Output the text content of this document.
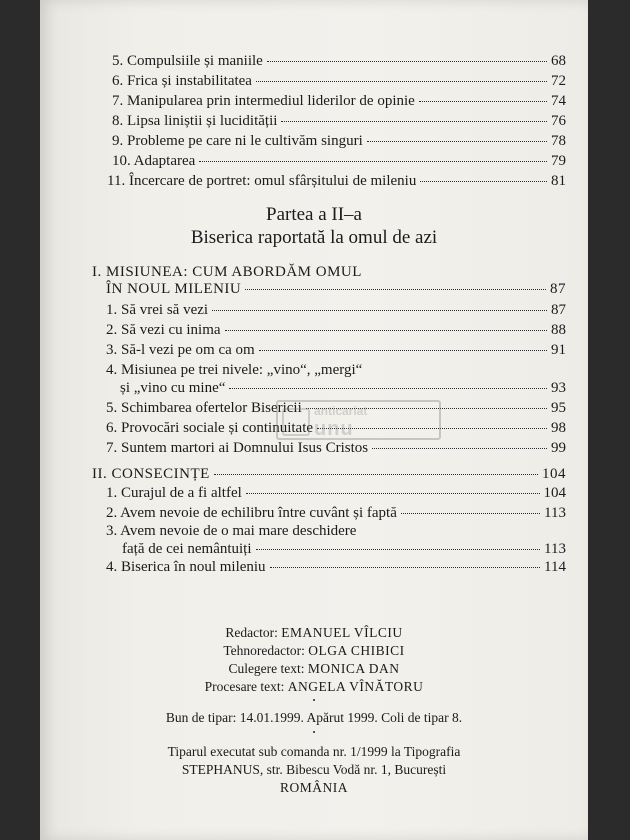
5. Compulsiile și maniile	68
6. Frica și instabilitatea	72
7. Manipularea prin intermediul liderilor de opinie	74
8. Lipsa liniștii și lucidității	76
9. Probleme pe care ni le cultivăm singuri	78
10. Adaptarea	79
11. Încercare de portret: omul sfârșitului de mileniu	81
Partea a II–a
Biserica raportată la omul de azi
I. MISIUNEA: CUM ABORDĂM OMUL
ÎN NOUL MILENIU	87
1. Să vrei să vezi	87
2. Să vezi cu inima	88
3. Să-l vezi pe om ca om	91
4. Misiunea pe trei nivele: „vino“, „mergi“
și „vino cu mine“	93
5. Schimbarea ofertelor Bisericii	95
6. Provocări sociale și continuitate	98
7. Suntem martori ai Domnului Isus Cristos	99
anticariat
unu
II. CONSECINȚE	104
1. Curajul de a fi altfel	104
2. Avem nevoie de echilibru între cuvânt și faptă	113
3. Avem nevoie de o mai mare deschidere
față de cei nemântuiți	113
4. Biserica în noul mileniu	114
Redactor: EMANUEL VÎLCIU
Tehnoredactor: OLGA CHIBICI
Culegere text: MONICA DAN
Procesare text: ANGELA VÎNĂTORU
•
Bun de tipar: 14.01.1999. Apărut 1999. Coli de tipar 8.
•
Tiparul executat sub comanda nr. 1/1999 la Tipografia
STEPHANUS, str. Bibescu Vodă nr. 1, București
ROMÂNIA
